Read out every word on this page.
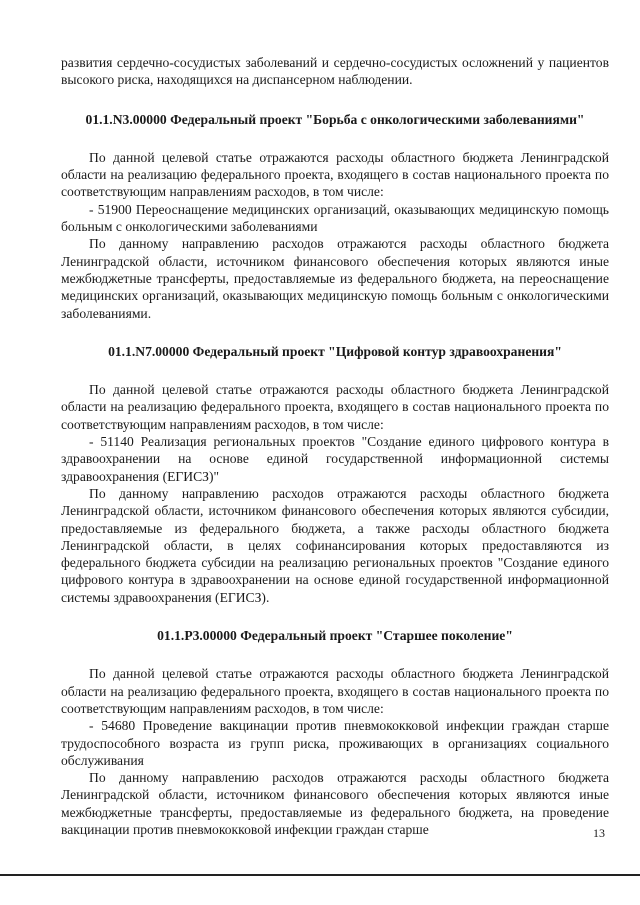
развития сердечно-сосудистых заболеваний и сердечно-сосудистых осложнений у пациентов высокого риска, находящихся на диспансерном наблюдении.

01.1.N3.00000 Федеральный проект "Борьба с онкологическими заболеваниями"

По данной целевой статье отражаются расходы областного бюджета Ленинградской области на реализацию федерального проекта, входящего в состав национального проекта по соответствующим направлениям расходов, в том числе:

- 51900 Переоснащение медицинских организаций, оказывающих медицинскую помощь больным с онкологическими заболеваниями

По данному направлению расходов отражаются расходы областного бюджета Ленинградской области, источником финансового обеспечения которых являются иные межбюджетные трансферты, предоставляемые из федерального бюджета, на переоснащение медицинских организаций, оказывающих медицинскую помощь больным с онкологическими заболеваниями.

01.1.N7.00000 Федеральный проект "Цифровой контур здравоохранения"

По данной целевой статье отражаются расходы областного бюджета Ленинградской области на реализацию федерального проекта, входящего в состав национального проекта по соответствующим направлениям расходов, в том числе:

- 51140 Реализация региональных проектов "Создание единого цифрового контура в здравоохранении на основе единой государственной информационной системы здравоохранения (ЕГИСЗ)"

По данному направлению расходов отражаются расходы областного бюджета Ленинградской области, источником финансового обеспечения которых являются субсидии, предоставляемые из федерального бюджета, а также расходы областного бюджета Ленинградской области, в целях софинансирования которых предоставляются из федерального бюджета субсидии на реализацию региональных проектов "Создание единого цифрового контура в здравоохранении на основе единой государственной информационной системы здравоохранения (ЕГИСЗ).

01.1.P3.00000 Федеральный проект "Старшее поколение"

По данной целевой статье отражаются расходы областного бюджета Ленинградской области на реализацию федерального проекта, входящего в состав национального проекта по соответствующим направлениям расходов, в том числе:

- 54680 Проведение вакцинации против пневмококковой инфекции граждан старше трудоспособного возраста из групп риска, проживающих в организациях социального обслуживания

По данному направлению расходов отражаются расходы областного бюджета Ленинградской области, источником финансового обеспечения которых являются иные межбюджетные трансферты, предоставляемые из федерального бюджета, на проведение вакцинации против пневмококковой инфекции граждан старше	13
